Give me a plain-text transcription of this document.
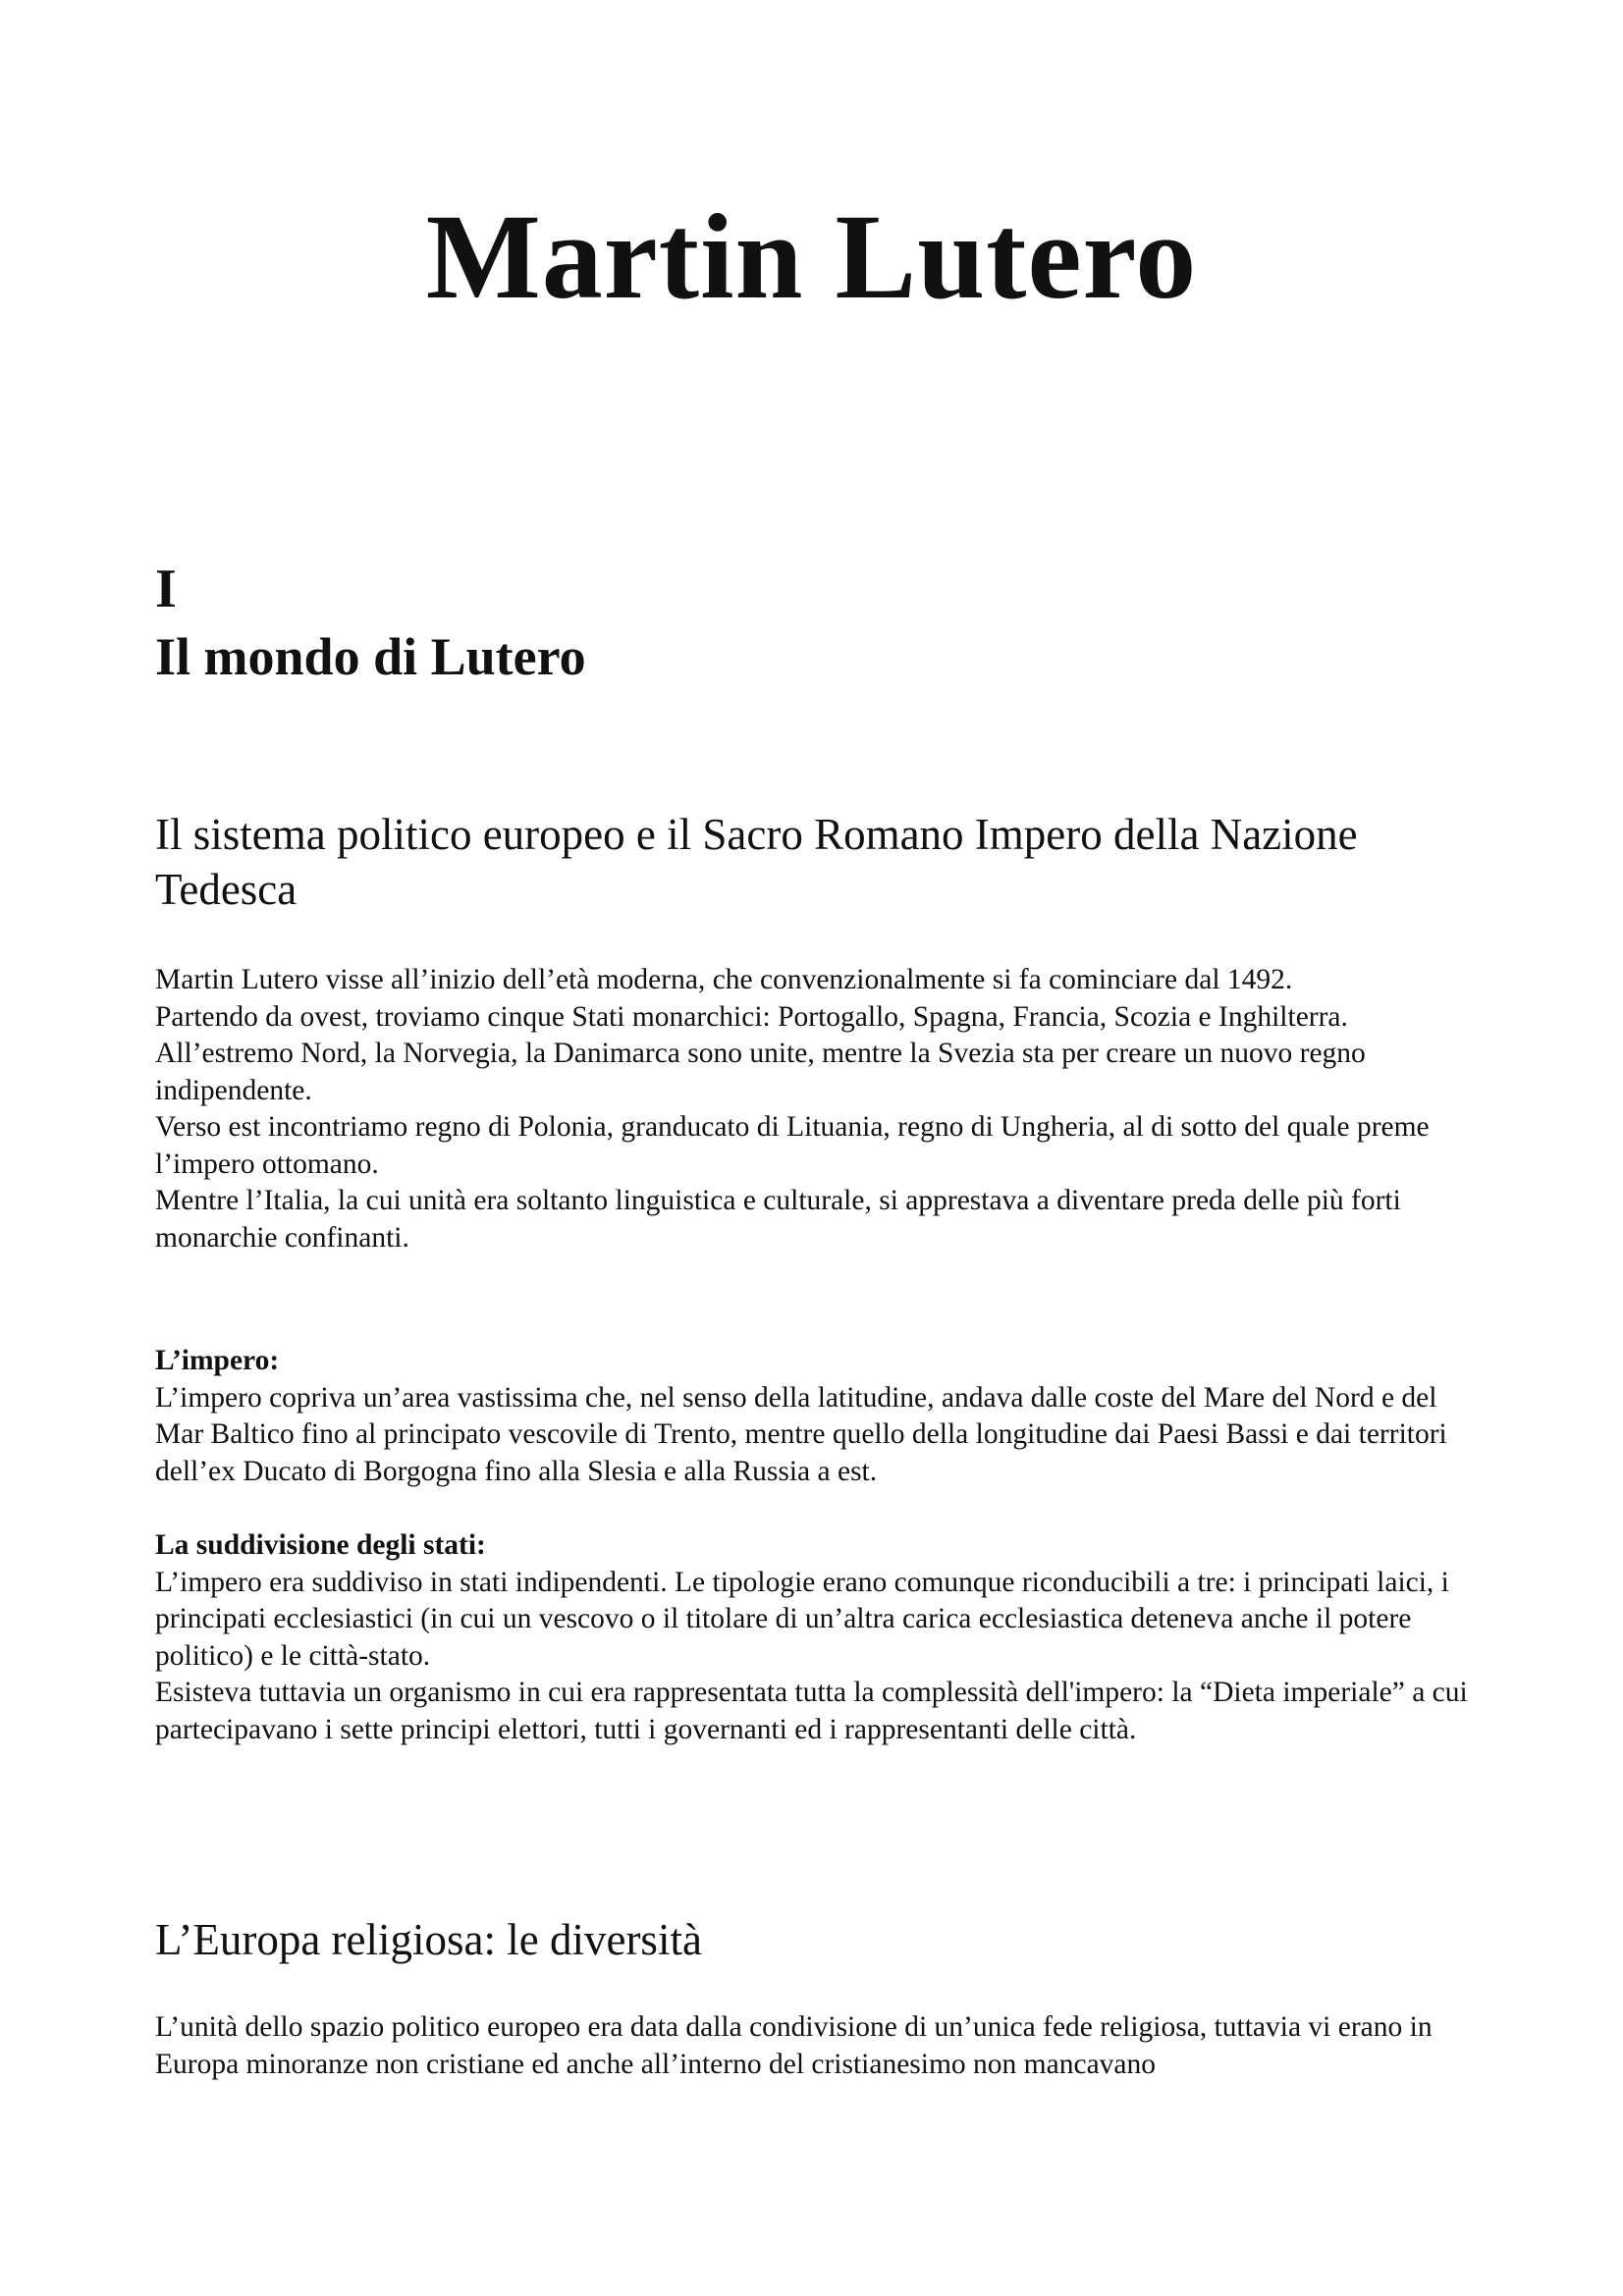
Martin Lutero
I
Il mondo di Lutero
Il sistema politico europeo e il Sacro Romano Impero della Nazione Tedesca

Martin Lutero visse all’inizio dell’età moderna, che convenzionalmente si fa cominciare dal 1492.

Partendo da ovest, troviamo cinque Stati monarchici: Portogallo, Spagna, Francia, Scozia e Inghilterra.

All’estremo Nord, la Norvegia, la Danimarca sono unite, mentre la Svezia sta per creare un nuovo regno indipendente.

Verso est incontriamo regno di Polonia, granducato di Lituania, regno di Ungheria, al di sotto del quale preme l’impero ottomano.

Mentre l’Italia, la cui unità era soltanto linguistica e culturale, si apprestava a diventare preda delle più forti monarchie confinanti.

L’impero:

L’impero copriva un’area vastissima che, nel senso della latitudine, andava dalle coste del Mare del Nord e del Mar Baltico fino al principato vescovile di Trento, mentre quello della longitudine dai Paesi Bassi e dai territori dell’ex Ducato di Borgogna fino alla Slesia e alla Russia a est.

La suddivisione degli stati:

L’impero era suddiviso in stati indipendenti. Le tipologie erano comunque riconducibili a tre: i principati laici, i principati ecclesiastici (in cui un vescovo o il titolare di un’altra carica ecclesiastica deteneva anche il potere politico) e le città-stato.

Esisteva tuttavia un organismo in cui era rappresentata tutta la complessità dell'impero: la “Dieta imperiale” a cui partecipavano i sette principi elettori, tutti i governanti ed i rappresentanti delle città.

L’Europa religiosa: le diversità

L’unità dello spazio politico europeo era data dalla condivisione di un’unica fede religiosa, tuttavia vi erano in Europa minoranze non cristiane ed anche all’interno del cristianesimo non mancavano
